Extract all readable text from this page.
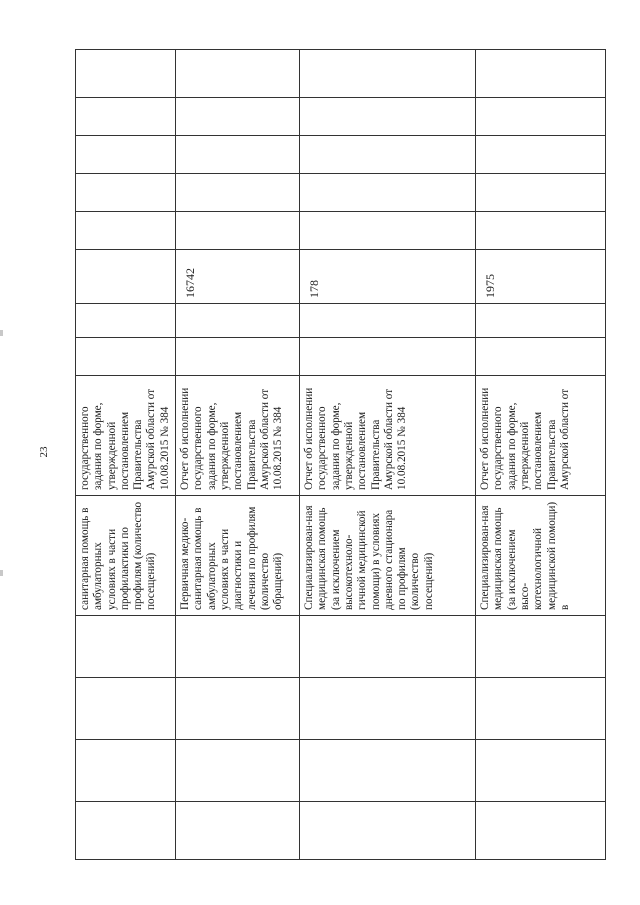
23
				санитарная помощь в амбулаторных условиях в части профилактики по профилям (количество посещений)	государственного задания по форме, утвержденной постановлением Правительства Амурской области от 10.08.2015 № 384								
				Первичная медико-санитарная помощь в амбулаторных условиях в части диагностики и лечения по профилям (количество обращений)	Отчет об исполнении государственного задания по форме, утвержденной постановлением Правительства Амурской области от 10.08.2015 № 384			16742					
				Специализирован-ная медицинская помощь (за исключением высокотехноло-гичной медицинской помощи) в условиях дневного стационара по профилям (количество посещений)	Отчет об исполнении государственного задания по форме, утвержденной постановлением Правительства Амурской области от 10.08.2015 № 384			178					
				Специализирован-ная медицинская помощь (за исключением высо-котехнологичной медицинской помощи) в	Отчет об исполнении государственного задания по форме, утвержденной постановлением Правительства Амурской области от			1975					
